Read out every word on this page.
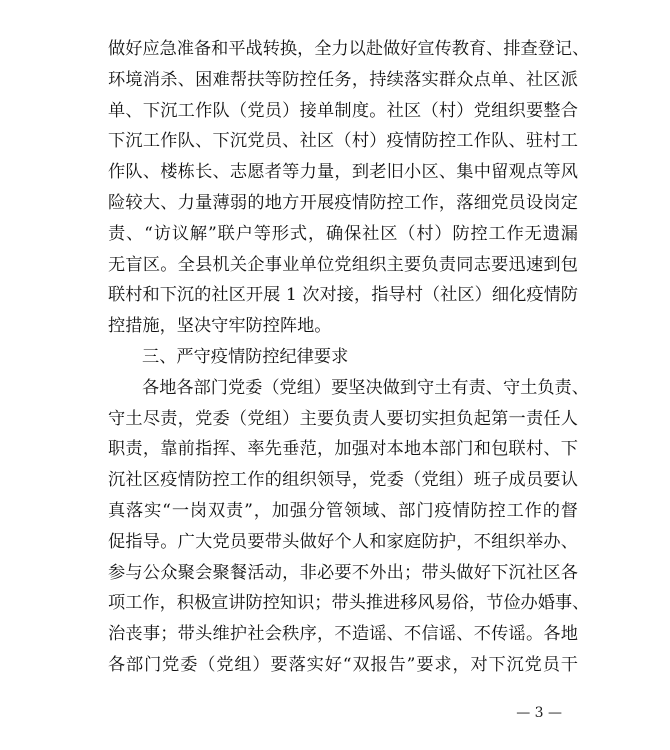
做好应急准备和平战转换，全力以赴做好宣传教育、排查登记、
环境消杀、困难帮扶等防控任务，持续落实群众点单、社区派
单、下沉工作队（党员）接单制度。社区（村）党组织要整合
下沉工作队、下沉党员、社区（村）疫情防控工作队、驻村工
作队、楼栋长、志愿者等力量，到老旧小区、集中留观点等风
险较大、力量薄弱的地方开展疫情防控工作，落细党员设岗定
责、“访议解”联户等形式，确保社区（村）防控工作无遗漏
无盲区。全县机关企事业单位党组织主要负责同志要迅速到包
联村和下沉的社区开展 1 次对接，指导村（社区）细化疫情防
控措施，坚决守牢防控阵地。
三、严守疫情防控纪律要求
各地各部门党委（党组）要坚决做到守土有责、守土负责、
守土尽责，党委（党组）主要负责人要切实担负起第一责任人
职责，靠前指挥、率先垂范，加强对本地本部门和包联村、下
沉社区疫情防控工作的组织领导，党委（党组）班子成员要认
真落实“一岗双责”，加强分管领域、部门疫情防控工作的督
促指导。广大党员要带头做好个人和家庭防护，不组织举办、
参与公众聚会聚餐活动，非必要不外出；带头做好下沉社区各
项工作，积极宣讲防控知识；带头推进移风易俗，节俭办婚事、
治丧事；带头维护社会秩序，不造谣、不信谣、不传谣。各地
各部门党委（党组）要落实好“双报告”要求，对下沉党员干
— 3 —
